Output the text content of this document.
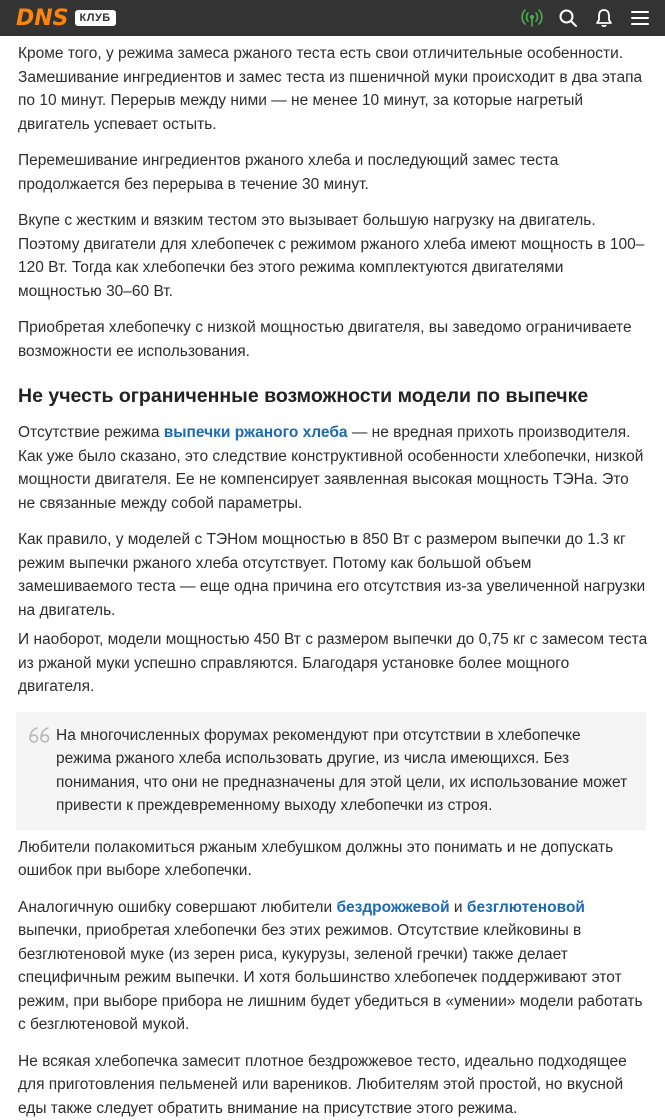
DNS	КЛУБ

Кроме того, у режима замеса ржаного теста есть свои отличительные особенности. Замешивание ингредиентов и замес теста из пшеничной муки происходит в два этапа по 10 минут. Перерыв между ними — не менее 10 минут, за которые нагретый двигатель успевает остыть.

Перемешивание ингредиентов ржаного хлеба и последующий замес теста продолжается без перерыва в течение 30 минут.

Вкупе с жестким и вязким тестом это вызывает большую нагрузку на двигатель. Поэтому двигатели для хлебопечек с режимом ржаного хлеба имеют мощность в 100–120 Вт. Тогда как хлебопечки без этого режима комплектуются двигателями мощностью 30–60 Вт.

Приобретая хлебопечку с низкой мощностью двигателя, вы заведомо ограничиваете возможности ее использования.

Не учесть ограниченные возможности модели по выпечке

Отсутствие режима выпечки ржаного хлеба — не вредная прихоть производителя. Как уже было сказано, это следствие конструктивной особенности хлебопечки, низкой мощности двигателя. Ее не компенсирует заявленная высокая мощность ТЭНа. Это не связанные между собой параметры.

Как правило, у моделей с ТЭНом мощностью в 850 Вт с размером выпечки до 1.3 кг режим выпечки ржаного хлеба отсутствует. Потому как большой объем замешиваемого теста — еще одна причина его отсутствия из-за увеличенной нагрузки на двигатель.

И наоборот, модели мощностью 450 Вт с размером выпечки до 0,75 кг с замесом теста из ржаной муки успешно справляются. Благодаря установке более мощного двигателя.

На многочисленных форумах рекомендуют при отсутствии в хлебопечке режима ржаного хлеба использовать другие, из числа имеющихся. Без понимания, что они не предназначены для этой цели, их использование может привести к преждевременному выходу хлебопечки из строя.

Любители полакомиться ржаным хлебушком должны это понимать и не допускать ошибок при выборе хлебопечки.

Аналогичную ошибку совершают любители бездрожжевой и безглютеновой выпечки, приобретая хлебопечки без этих режимов. Отсутствие клейковины в безглютеновой муке (из зерен риса, кукурузы, зеленой гречки) также делает специфичным режим выпечки. И хотя большинство хлебопечек поддерживают этот режим, при выборе прибора не лишним будет убедиться в «умении» модели работать с безглютеновой мукой.

Не всякая хлебопечка замесит плотное бездрожжевое тесто, идеально подходящее для приготовления пельменей или вареников. Любителям этой простой, но вкусной еды также следует обратить внимание на присутствие этого режима.
